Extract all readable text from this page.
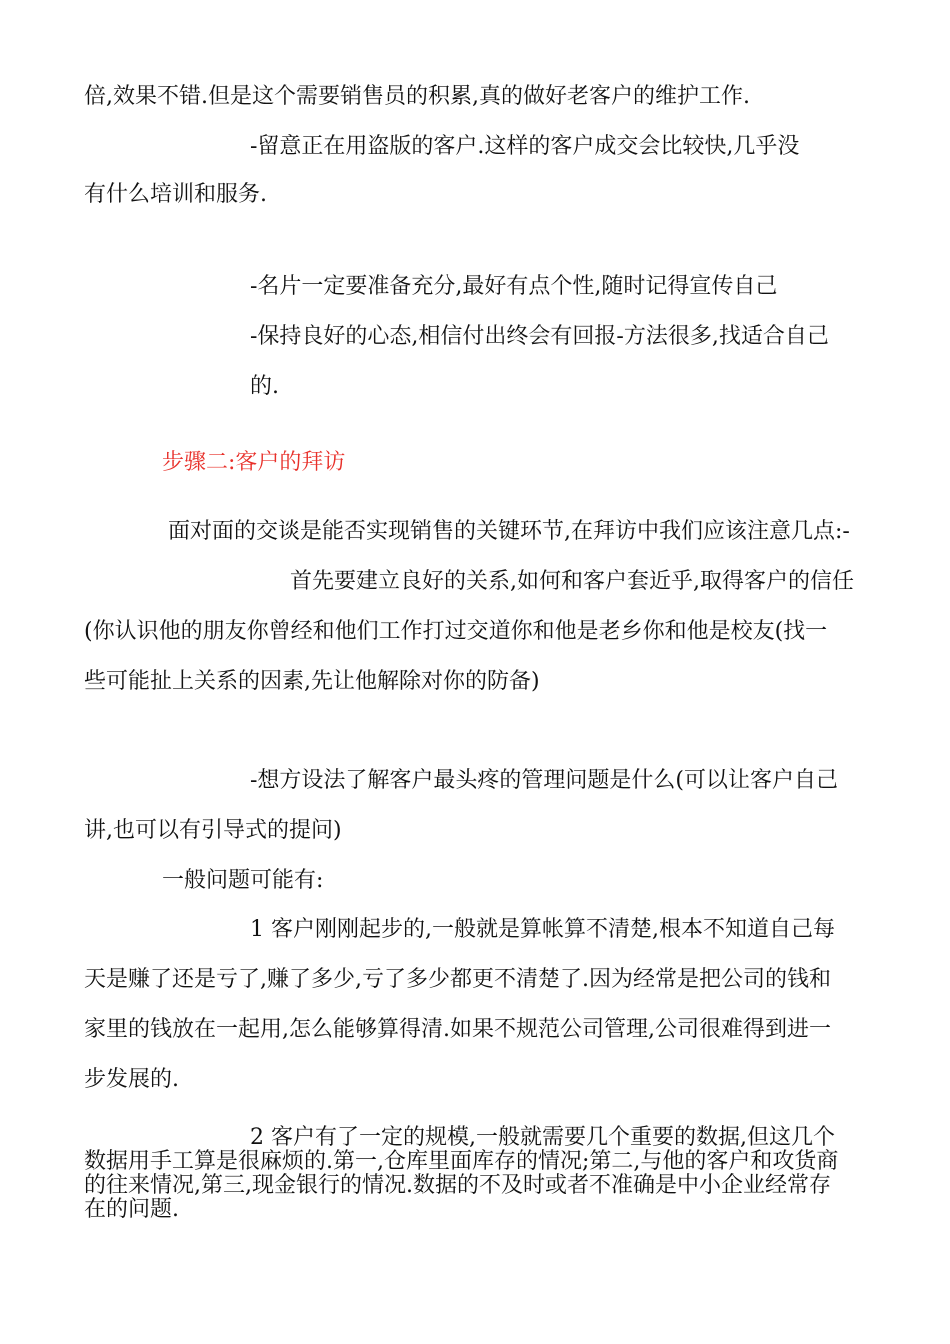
倍,效果不错.但是这个需要销售员的积累,真的做好老客户的维护工作.

-留意正在用盗版的客户.这样的客户成交会比较快,几乎没

有什么培训和服务.

-名片一定要准备充分,最好有点个性,随时记得宣传自己

-保持良好的心态,相信付出终会有回报-方法很多,找适合自己

的.

步骤二:客户的拜访

面对面的交谈是能否实现销售的关键环节,在拜访中我们应该注意几点:-

首先要建立良好的关系,如何和客户套近乎,取得客户的信任

(你认识他的朋友你曾经和他们工作打过交道你和他是老乡你和他是校友(找一

些可能扯上关系的因素,先让他解除对你的防备)

-想方设法了解客户最头疼的管理问题是什么(可以让客户自己

讲,也可以有引导式的提问)

一般问题可能有:

1 客户刚刚起步的,一般就是算帐算不清楚,根本不知道自己每

天是赚了还是亏了,赚了多少,亏了多少都更不清楚了.因为经常是把公司的钱和

家里的钱放在一起用,怎么能够算得清.如果不规范公司管理,公司很难得到进一

步发展的.

2 客户有了一定的规模,一般就需要几个重要的数据,但这几个

数据用手工算是很麻烦的.第一,仓库里面库存的情况;第二,与他的客户和攻货商

的往来情况,第三,现金银行的情况.数据的不及时或者不准确是中小企业经常存

在的问题.
